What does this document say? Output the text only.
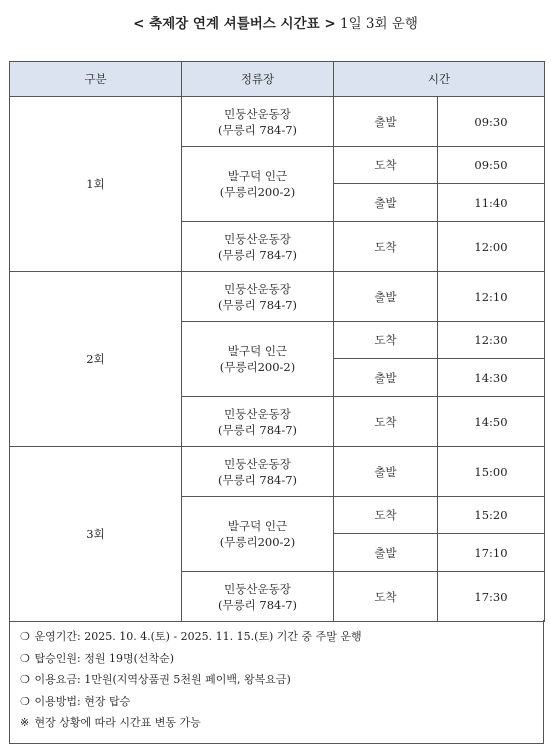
< 축제장 연계 셔틀버스 시간표 > 1일 3회 운행
구분	정류장	시간	
1회	민둥산운동장
(무릉리 784-7)	출발	09:30
	발구덕 인근
(무릉리200-2)	도착	09:50
		출발	11:40
	민둥산운동장
(무릉리 784-7)	도착	12:00
2회	민둥산운동장
(무릉리 784-7)	출발	12:10
	발구덕 인근
(무릉리200-2)	도착	12:30
		출발	14:30
	민둥산운동장
(무릉리 784-7)	도착	14:50
3회	민둥산운동장
(무릉리 784-7)	출발	15:00
	발구덕 인근
(무릉리200-2)	도착	15:20
		출발	17:10
	민둥산운동장
(무릉리 784-7)	도착	17:30
❍ 운영기간: 2025. 10. 4.(토) - 2025. 11. 15.(토) 기간 중 주말 운행
❍ 탑승인원: 정원 19명(선착순)
❍ 이용요금: 1만원(지역상품권 5천원 페이백, 왕복요금)
❍ 이용방법: 현장 탑승
※ 현장 상황에 따라 시간표 변동 가능
